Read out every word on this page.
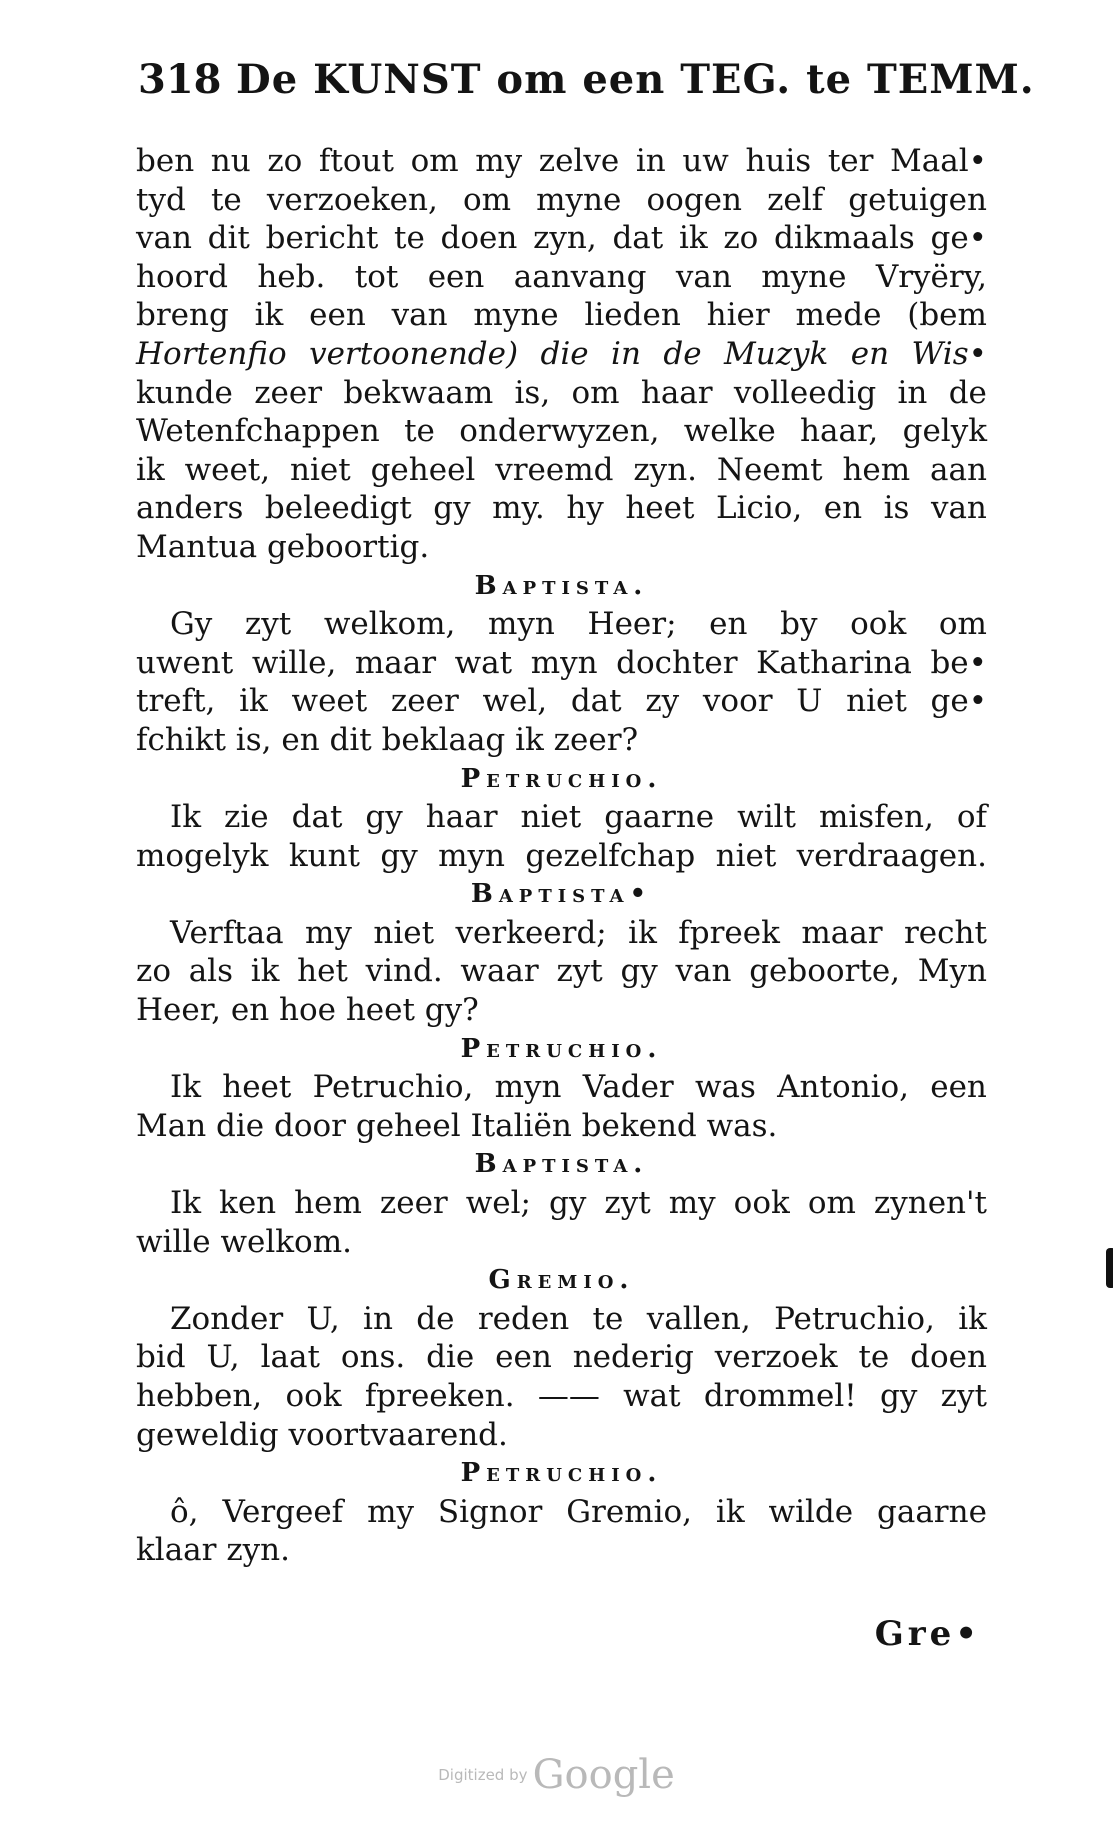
318 De KUNST om een TEG. te TEMM.
ben nu zo ftout om my zelve in uw huis ter Maal•
tyd te verzoeken, om myne oogen zelf getuigen
van dit bericht te doen zyn, dat ik zo dikmaals ge•
hoord heb. tot een aanvang van myne Vryëry,
breng ik een van myne lieden hier mede (bem
Hortenfio vertoonende) die in de Muzyk en Wis•
kunde zeer bekwaam is, om haar volleedig in de
Wetenfchappen te onderwyzen, welke haar, gelyk
ik weet, niet geheel vreemd zyn. Neemt hem aan
anders beleedigt gy my. hy heet Licio, en is van
Mantua geboortig.
Baptista.
Gy zyt welkom, myn Heer; en by ook om
uwent wille, maar wat myn dochter Katharina be•
treft, ik weet zeer wel, dat zy voor U niet ge•
fchikt is, en dit beklaag ik zeer?
Petruchio.
Ik zie dat gy haar niet gaarne wilt misfen, of
mogelyk kunt gy myn gezelfchap niet verdraagen.
Baptista•
Verftaa my niet verkeerd; ik fpreek maar recht
zo als ik het vind. waar zyt gy van geboorte, Myn
Heer, en hoe heet gy?
Petruchio.
Ik heet Petruchio, myn Vader was Antonio, een
Man die door geheel Italiën bekend was.
Baptista.
Ik ken hem zeer wel; gy zyt my ook om zynen't
wille welkom.
Gremio.
Zonder U, in de reden te vallen, Petruchio, ik
bid U, laat ons. die een nederig verzoek te doen
hebben, ook fpreeken. —— wat drommel! gy zyt
geweldig voortvaarend.
Petruchio.
ô, Vergeef my Signor Gremio, ik wilde gaarne
klaar zyn.
Gre•
Digitized by Google
